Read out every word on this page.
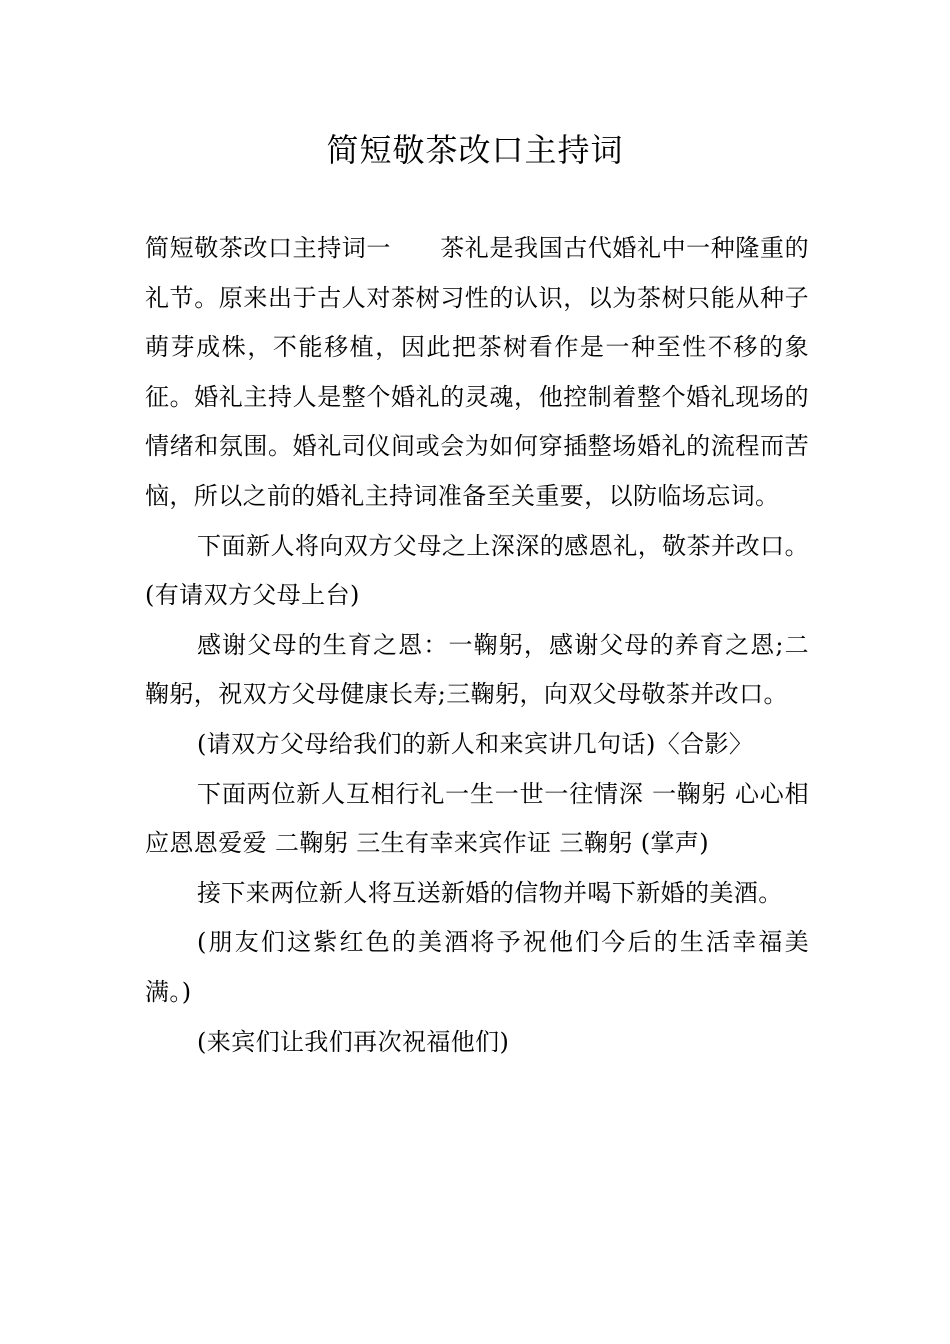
简短敬茶改口主持词

简短敬茶改口主持词一　　茶礼是我国古代婚礼中一种隆重的礼节。原来出于古人对茶树习性的认识，以为茶树只能从种子萌芽成株，不能移植，因此把茶树看作是一种至性不移的象征。婚礼主持人是整个婚礼的灵魂，他控制着整个婚礼现场的情绪和氛围。婚礼司仪间或会为如何穿插整场婚礼的流程而苦恼，所以之前的婚礼主持词准备至关重要，以防临场忘词。

下面新人将向双方父母之上深深的感恩礼，敬茶并改口。(有请双方父母上台)

感谢父母的生育之恩：一鞠躬，感谢父母的养育之恩;二鞠躬，祝双方父母健康长寿;三鞠躬，向双父母敬茶并改口。

(请双方父母给我们的新人和来宾讲几句话)〈合影〉

下面两位新人互相行礼一生一世一往情深 一鞠躬 心心相应恩恩爱爱 二鞠躬 三生有幸来宾作证 三鞠躬 (掌声)

接下来两位新人将互送新婚的信物并喝下新婚的美酒。

(朋友们这紫红色的美酒将予祝他们今后的生活幸福美满。)

(来宾们让我们再次祝福他们)
